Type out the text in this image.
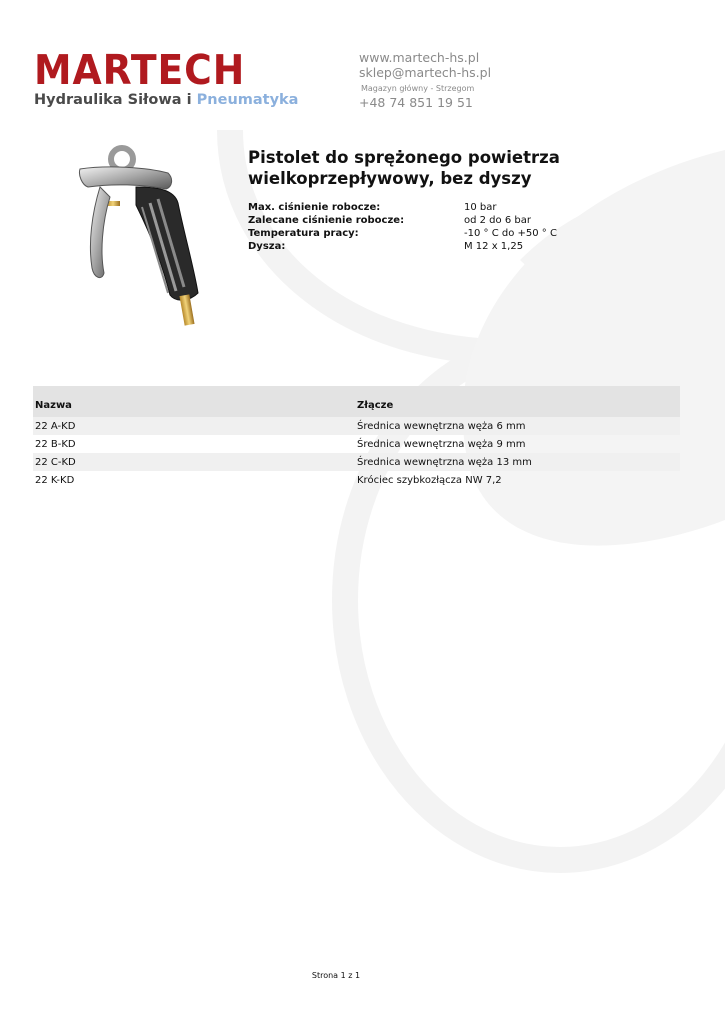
MARTECH
Hydraulika Siłowa i Pneumatyka
www.martech-hs.pl
sklep@martech-hs.pl
Magazyn główny - Strzegom
+48 74 851 19 51
Pistolet do sprężonego powietrza
wielkoprzepływowy, bez dyszy
Max. ciśnienie robocze:	10 bar
Zalecane ciśnienie robocze:	od 2 do 6 bar
Temperatura pracy:	-10 ° C do +50 ° C
Dysza:	M 12 x 1,25
Nazwa	Złącze
22 A-KD	Średnica wewnętrzna węża 6 mm
22 B-KD	Średnica wewnętrzna węża 9 mm
22 C-KD	Średnica wewnętrzna węża 13 mm
22 K-KD	Króciec szybkozłącza NW 7,2
Strona 1 z 1
